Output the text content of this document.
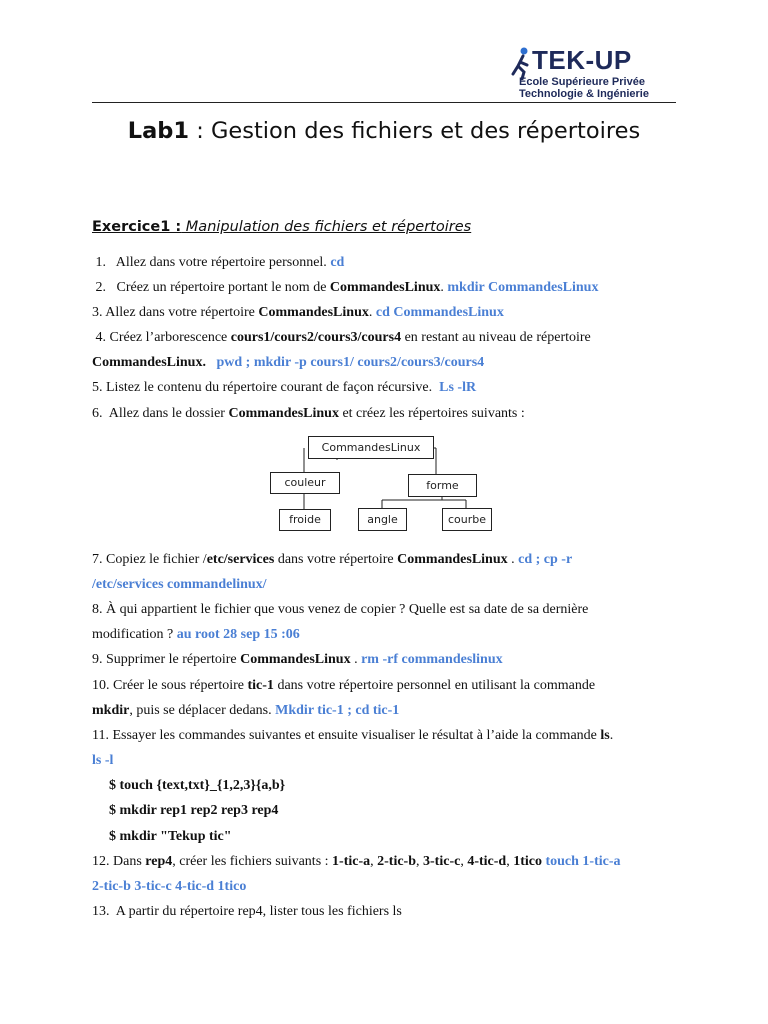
TEK-UP
École Supérieure Privée
Technologie & Ingénierie
Lab1 : Gestion des fichiers et des répertoires
Exercice1 : Manipulation des fichiers et répertoires
1.   Allez dans votre répertoire personnel. cd
2.   Créez un répertoire portant le nom de CommandesLinux. mkdir CommandesLinux
3. Allez dans votre répertoire CommandesLinux. cd CommandesLinux
4. Créez l’arborescence cours1/cours2/cours3/cours4 en restant au niveau de répertoire
CommandesLinux. pwd ; mkdir -p cours1/ cours2/cours3/cours4
5. Listez le contenu du répertoire courant de façon récursive.  Ls -lR
6.  Allez dans le dossier CommandesLinux et créez les répertoires suivants :
CommandesLinux
couleur	forme
froide	angle	courbe
7. Copiez le fichier /etc/services dans votre répertoire CommandesLinux . cd ; cp -r
/etc/services commandelinux/
8. À qui appartient le fichier que vous venez de copier ? Quelle est sa date de sa dernière
modification ? au root 28 sep 15 :06
9. Supprimer le répertoire CommandesLinux . rm -rf commandeslinux
10. Créer le sous répertoire tic-1 dans votre répertoire personnel en utilisant la commande
mkdir, puis se déplacer dedans. Mkdir tic-1 ; cd tic-1
11. Essayer les commandes suivantes et ensuite visualiser le résultat à l’aide la commande ls.
ls -l
$ touch {text,txt}_{1,2,3}{a,b}
$ mkdir rep1 rep2 rep3 rep4
$ mkdir "Tekup tic"
12. Dans rep4, créer les fichiers suivants : 1-tic-a, 2-tic-b, 3-tic-c, 4-tic-d, 1tico touch 1-tic-a
2-tic-b 3-tic-c 4-tic-d 1tico
13.  A partir du répertoire rep4, lister tous les fichiers ls
